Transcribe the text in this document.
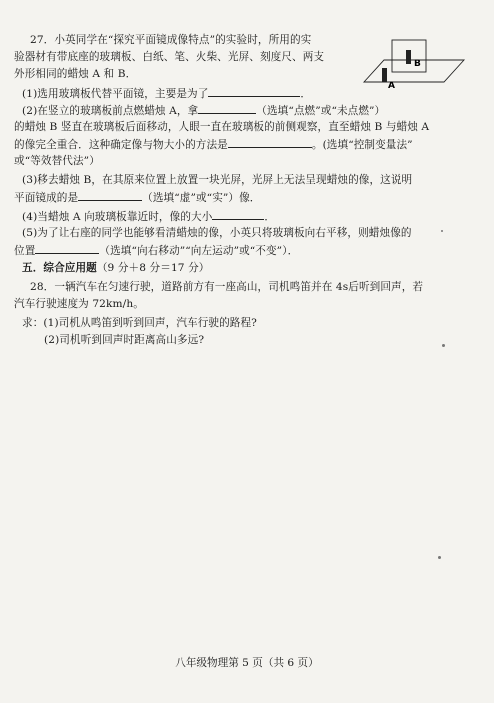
27．小英同学在“探究平面镜成像特点”的实验时，所用的实
验器材有带底座的玻璃板、白纸、笔、火柴、光屏、刻度尺、两支
外形相同的蜡烛 A 和 B．
B
A
(1)选用玻璃板代替平面镜，主要是为了	．
(2)在竖立的玻璃板前点燃蜡烛 A，拿	（选填“点燃”或“未点燃”）
的蜡烛 B 竖直在玻璃板后面移动，人眼一直在玻璃板的前侧观察，直至蜡烛 B 与蜡烛 A
的像完全重合．这种确定像与物大小的方法是	。(选填“控制变量法”
或“等效替代法”）
(3)移去蜡烛 B，在其原来位置上放置一块光屏，光屏上无法呈现蜡烛的像，这说明
平面镜成的是	（选填“虚”或“实”）像．
(4)当蜡烛 A 向玻璃板靠近时，像的大小	．
(5)为了让右座的同学也能够看清蜡烛的像，小英只将玻璃板向右平移，则蜡烛像的
位置	（选填“向右移动”“向左运动”或“不变”）．
五．综合应用题（9 分＋8 分＝17 分）
28．一辆汽车在匀速行驶，道路前方有一座高山，司机鸣笛并在 4s后听到回声，若
汽车行驶速度为 72km/h。
求：(1)司机从鸣笛到听到回声，汽车行驶的路程?
(2)司机听到回声时距离高山多远?
八年级物理第 5 页（共 6 页）
